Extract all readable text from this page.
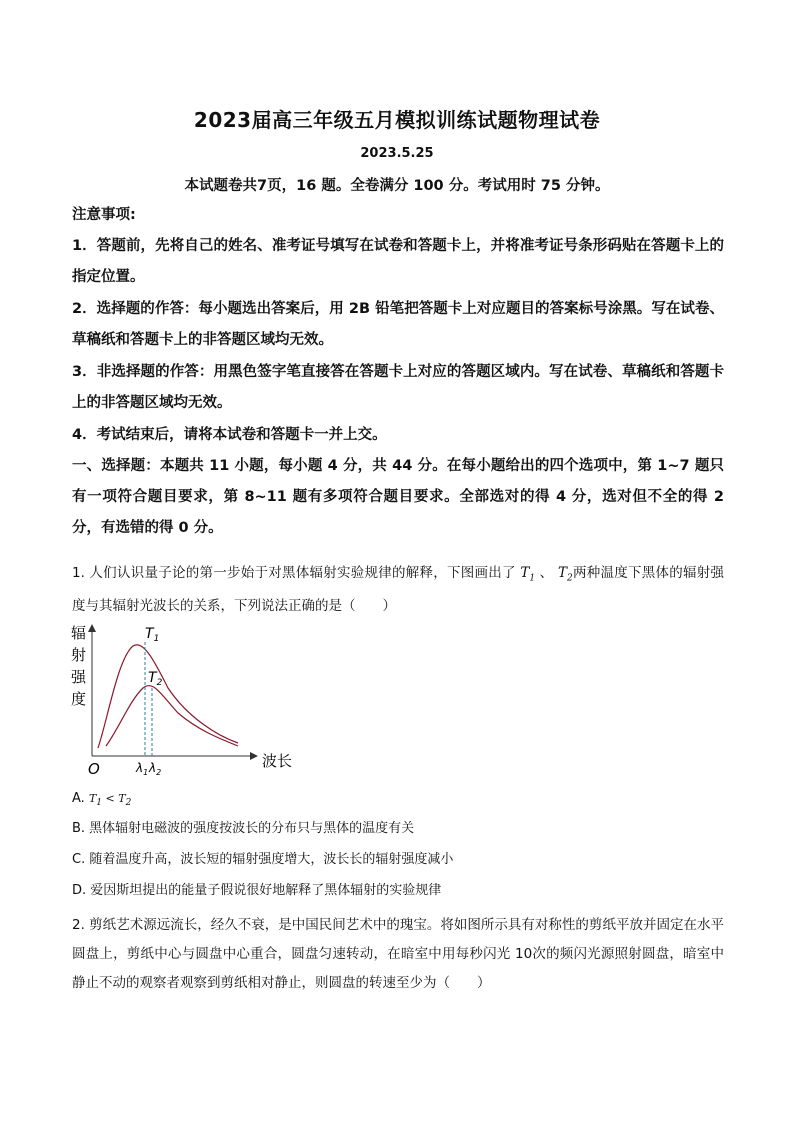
2023届高三年级五月模拟训练试题物理试卷
2023.5.25
本试题卷共7页，16 题。全卷满分 100 分。考试用时 75 分钟。
注意事项:
1．答题前，先将自己的姓名、准考证号填写在试卷和答题卡上，并将准考证号条形码贴在答题卡上的指定位置。
2．选择题的作答：每小题选出答案后，用 2B 铅笔把答题卡上对应题目的答案标号涂黑。写在试卷、草稿纸和答题卡上的非答题区域均无效。
3．非选择题的作答：用黑色签字笔直接答在答题卡上对应的答题区域内。写在试卷、草稿纸和答题卡上的非答题区域均无效。
4．考试结束后，请将本试卷和答题卡一并上交。
一、选择题：本题共 11 小题，每小题 4 分，共 44 分。在每小题给出的四个选项中，第 1~7 题只有一项符合题目要求，第 8~11 题有多项符合题目要求。全部选对的得 4 分，选对但不全的得 2 分，有选错的得 0 分。
1. 人们认识量子论的第一步始于对黑体辐射实验规律的解释，下图画出了 $T_1$ 、 $T_2$两种温度下黑体的辐射强度与其辐射光波长的关系，下列说法正确的是（　　）
辐
射
强
度
波长
O
$T_1$
$T_2$
$\lambda_1$ $\lambda_2$
A. $T_1 < T_2$
B. 黑体辐射电磁波的强度按波长的分布只与黑体的温度有关
C. 随着温度升高，波长短的辐射强度增大，波长长的辐射强度减小
D. 爱因斯坦提出的能量子假说很好地解释了黑体辐射的实验规律
2. 剪纸艺术源远流长，经久不衰，是中国民间艺术中的瑰宝。将如图所示具有对称性的剪纸平放并固定在水平圆盘上，剪纸中心与圆盘中心重合，圆盘匀速转动，在暗室中用每秒闪光 10次的频闪光源照射圆盘，暗室中静止不动的观察者观察到剪纸相对静止，则圆盘的转速至少为（　　）
